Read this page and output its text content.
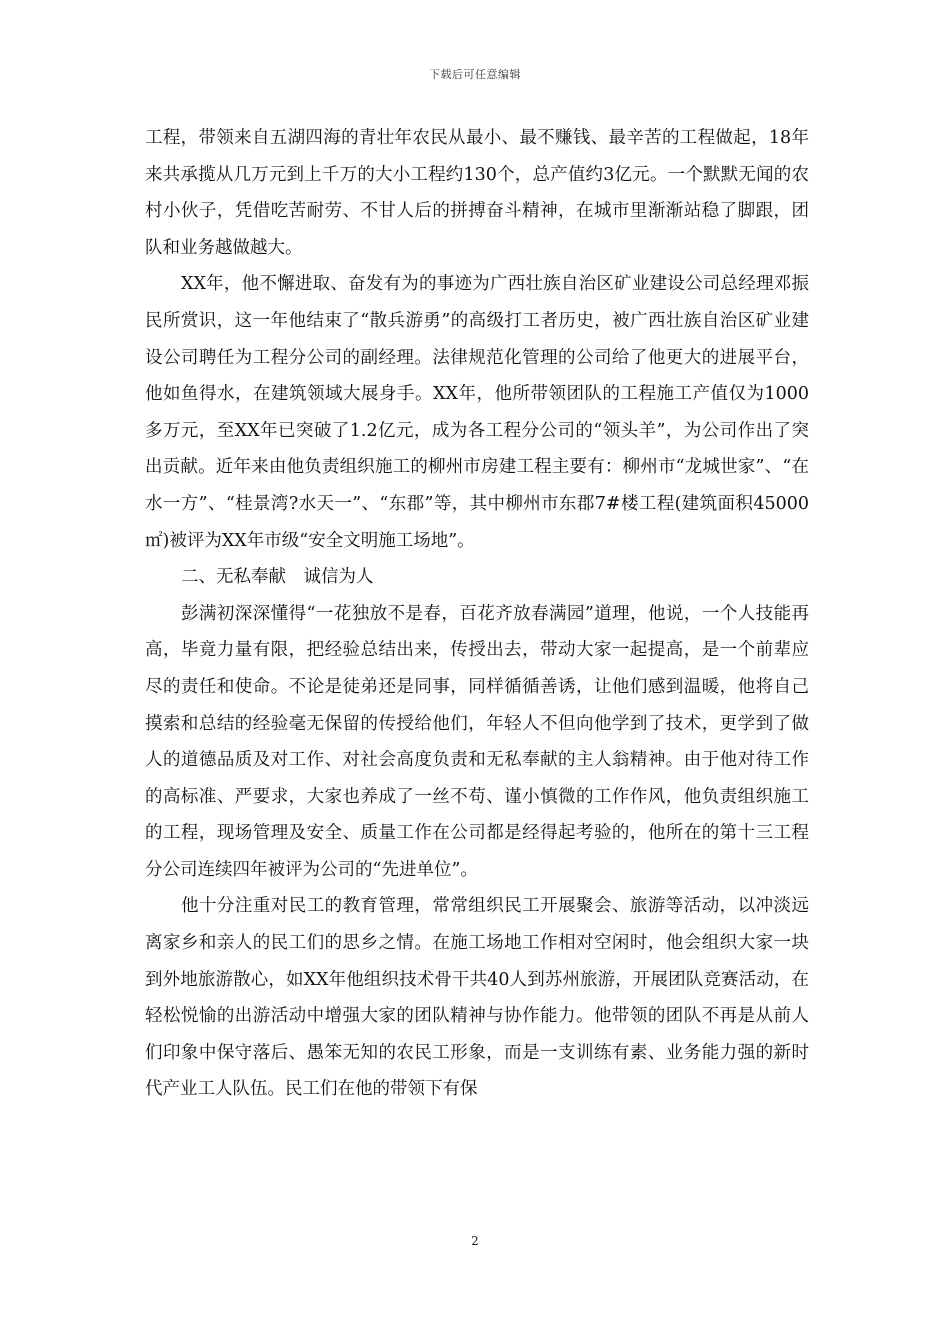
下载后可任意编辑

工程，带领来自五湖四海的青壮年农民从最小、最不赚钱、最辛苦的工程做起，18年来共承揽从几万元到上千万的大小工程约130个，总产值约3亿元。一个默默无闻的农村小伙子，凭借吃苦耐劳、不甘人后的拼搏奋斗精神，在城市里渐渐站稳了脚跟，团队和业务越做越大。

XX年，他不懈进取、奋发有为的事迹为广西壮族自治区矿业建设公司总经理邓振民所赏识，这一年他结束了“散兵游勇”的高级打工者历史，被广西壮族自治区矿业建设公司聘任为工程分公司的副经理。法律规范化管理的公司给了他更大的进展平台，他如鱼得水，在建筑领域大展身手。XX年，他所带领团队的工程施工产值仅为1000多万元，至XX年已突破了1.2亿元，成为各工程分公司的“领头羊”，为公司作出了突出贡献。近年来由他负责组织施工的柳州市房建工程主要有：柳州市“龙城世家”、“在水一方”、“桂景湾?水天一”、“东郡”等，其中柳州市东郡7#楼工程(建筑面积45000㎡)被评为XX年市级“安全文明施工场地”。

二、无私奉献　诚信为人

彭满初深深懂得“一花独放不是春，百花齐放春满园”道理，他说，一个人技能再高，毕竟力量有限，把经验总结出来，传授出去，带动大家一起提高，是一个前辈应尽的责任和使命。不论是徒弟还是同事，同样循循善诱，让他们感到温暖，他将自己摸索和总结的经验毫无保留的传授给他们，年轻人不但向他学到了技术，更学到了做人的道德品质及对工作、对社会高度负责和无私奉献的主人翁精神。由于他对待工作的高标准、严要求，大家也养成了一丝不苟、谨小慎微的工作作风，他负责组织施工的工程，现场管理及安全、质量工作在公司都是经得起考验的，他所在的第十三工程分公司连续四年被评为公司的“先进单位”。

他十分注重对民工的教育管理，常常组织民工开展聚会、旅游等活动，以冲淡远离家乡和亲人的民工们的思乡之情。在施工场地工作相对空闲时，他会组织大家一块到外地旅游散心，如XX年他组织技术骨干共40人到苏州旅游，开展团队竞赛活动，在轻松悦愉的出游活动中增强大家的团队精神与协作能力。他带领的团队不再是从前人们印象中保守落后、愚笨无知的农民工形象，而是一支训练有素、业务能力强的新时代产业工人队伍。民工们在他的带领下有保

2
